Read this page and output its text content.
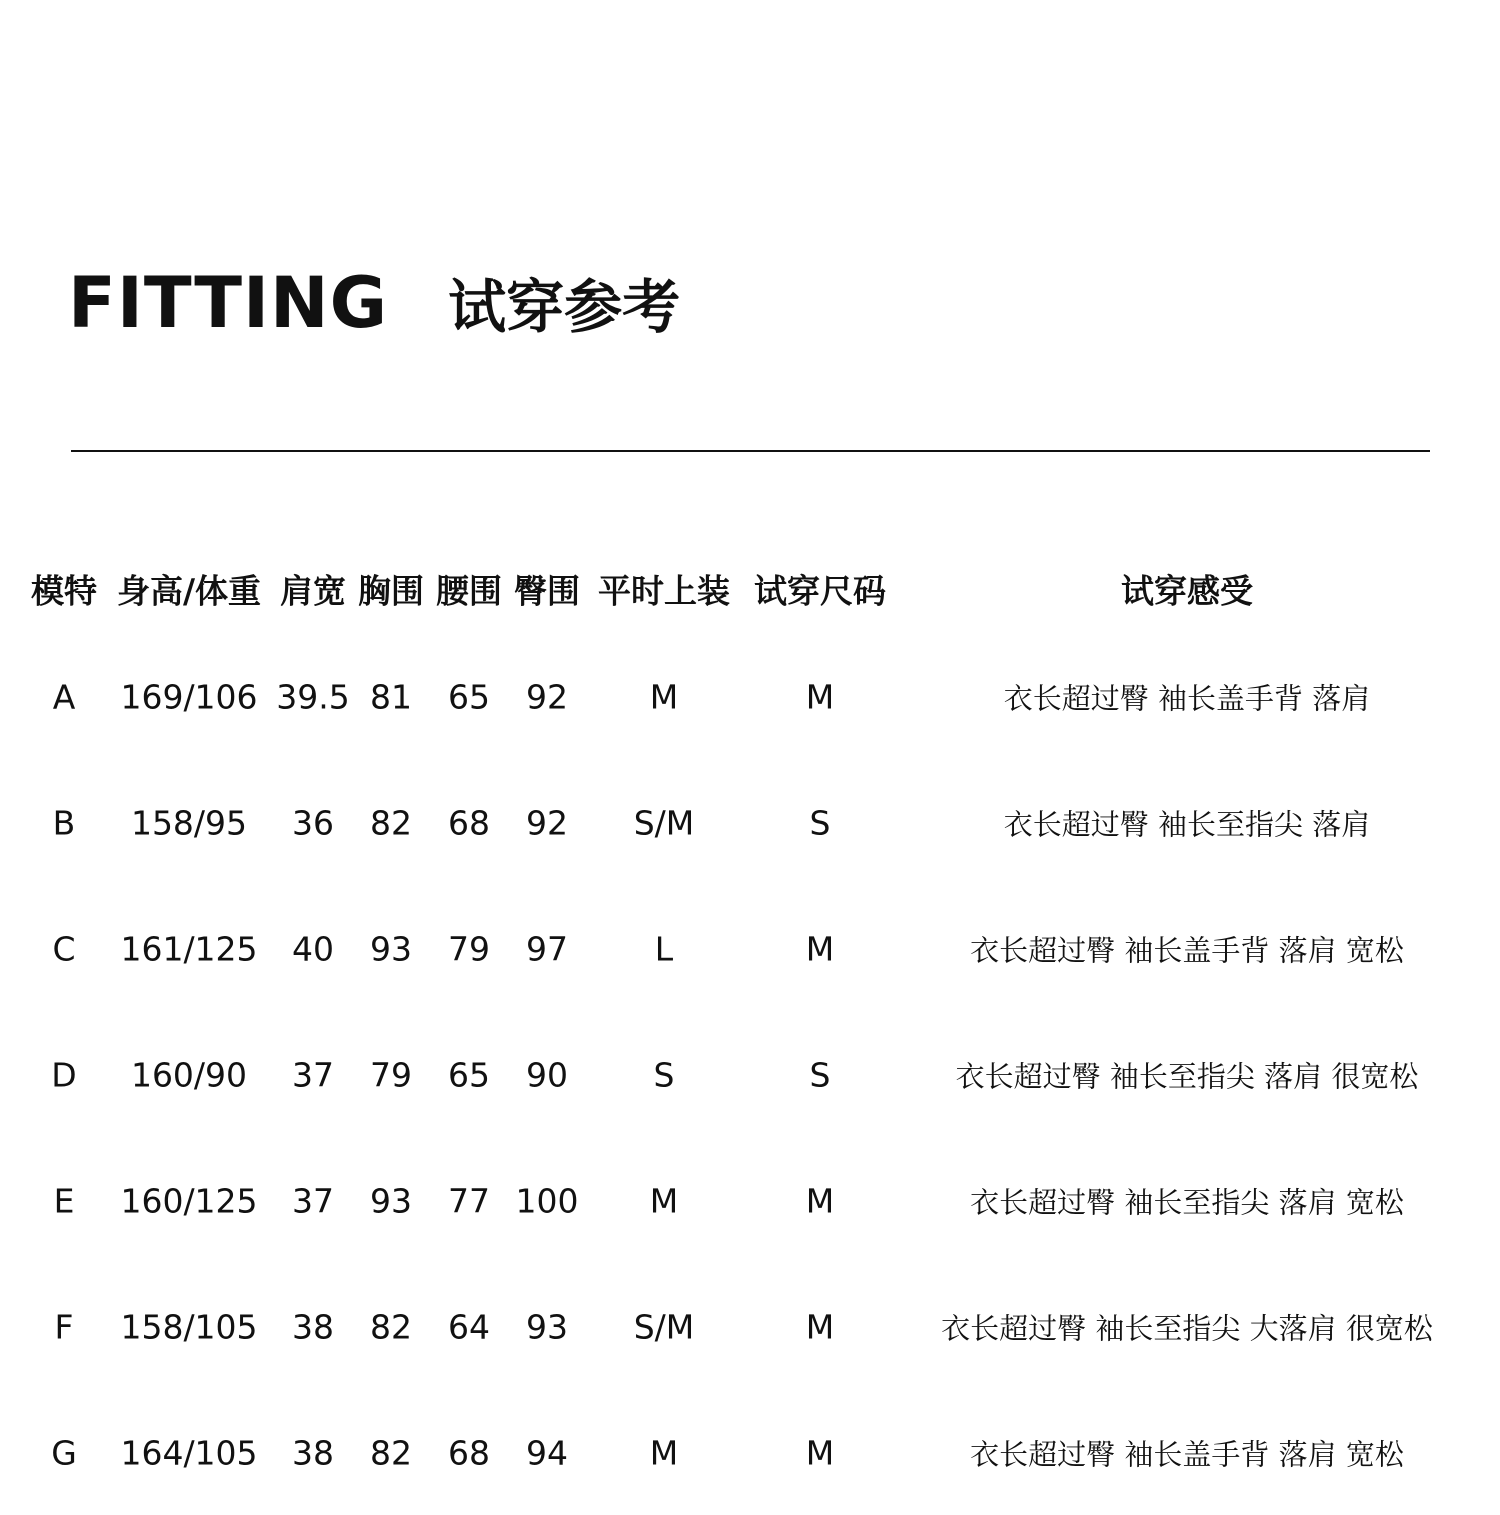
FITTING 试穿参考
模特 身高/体重 肩宽 胸围 腰围 臀围 平时上装 试穿尺码	试穿感受
A 169/106 39.5 81 65 92 M	M	衣长超过臀 袖长盖手背 落肩
B 158/95 36 82 68 92 S/M	S	衣长超过臀 袖长至指尖 落肩
C 161/125 40 93 79 97	L	M	衣长超过臀 袖长盖手背 落肩 宽松
D 160/90 37 79 65 90	S	S	衣长超过臀 袖长至指尖 落肩 很宽松
E 160/125 37 93 77 100 M	M	衣长超过臀 袖长至指尖 落肩 宽松
F 158/105 38 82 64 93 S/M	M	衣长超过臀 袖长至指尖 大落肩 很宽松
G 164/105 38 82 68 94 M	M	衣长超过臀 袖长盖手背 落肩 宽松
